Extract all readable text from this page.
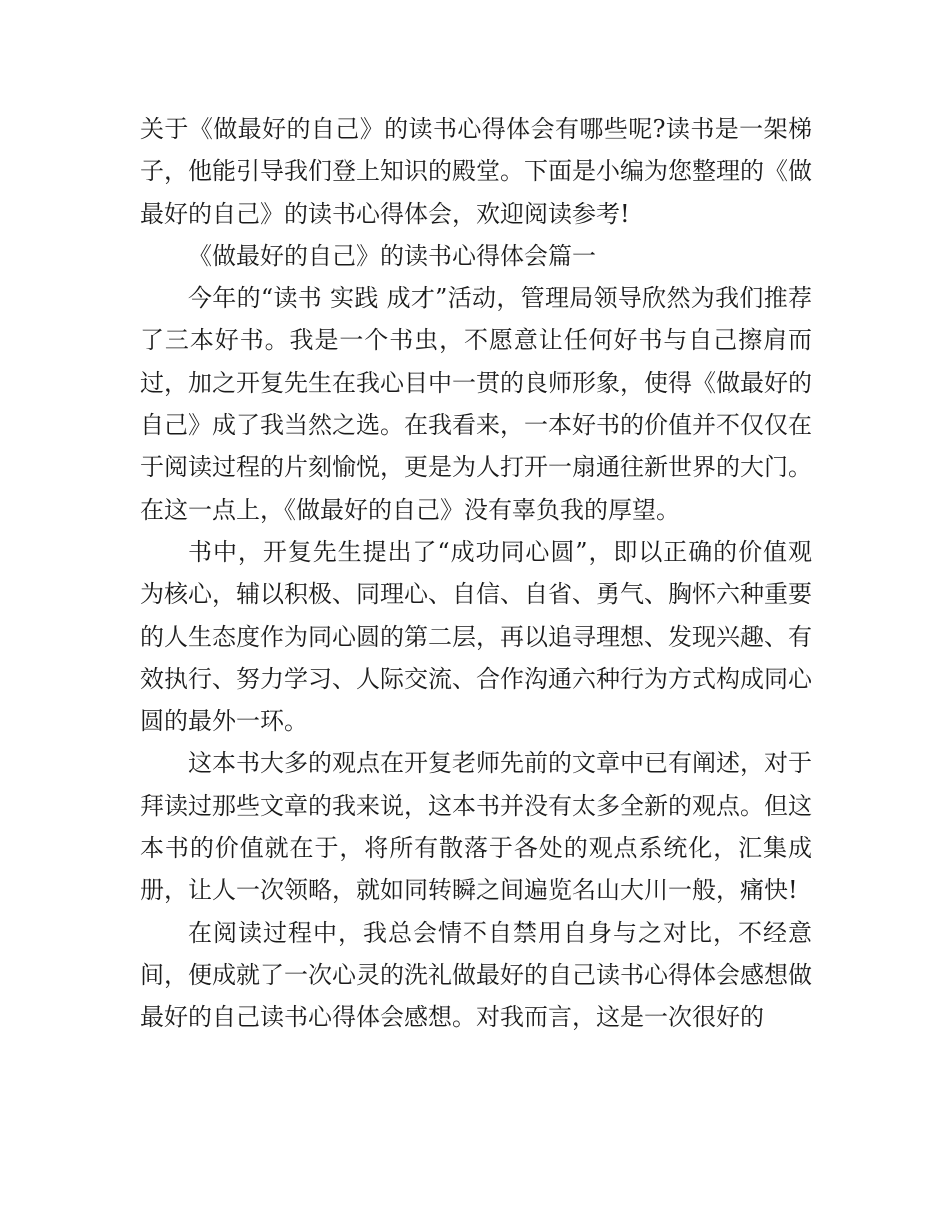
关于《做最好的自己》的读书心得体会有哪些呢?读书是一架梯子，他能引导我们登上知识的殿堂。下面是小编为您整理的《做最好的自己》的读书心得体会，欢迎阅读参考!

《做最好的自己》的读书心得体会篇一

今年的“读书 实践 成才”活动，管理局领导欣然为我们推荐了三本好书。我是一个书虫，不愿意让任何好书与自己擦肩而过，加之开复先生在我心目中一贯的良师形象，使得《做最好的自己》成了我当然之选。在我看来，一本好书的价值并不仅仅在于阅读过程的片刻愉悦，更是为人打开一扇通往新世界的大门。在这一点上，《做最好的自己》没有辜负我的厚望。

书中，开复先生提出了“成功同心圆”，即以正确的价值观为核心，辅以积极、同理心、自信、自省、勇气、胸怀六种重要的人生态度作为同心圆的第二层，再以追寻理想、发现兴趣、有效执行、努力学习、人际交流、合作沟通六种行为方式构成同心圆的最外一环。

这本书大多的观点在开复老师先前的文章中已有阐述，对于拜读过那些文章的我来说，这本书并没有太多全新的观点。但这本书的价值就在于，将所有散落于各处的观点系统化，汇集成册，让人一次领略，就如同转瞬之间遍览名山大川一般，痛快!

在阅读过程中，我总会情不自禁用自身与之对比，不经意间，便成就了一次心灵的洗礼做最好的自己读书心得体会感想做最好的自己读书心得体会感想。对我而言，这是一次很好的
